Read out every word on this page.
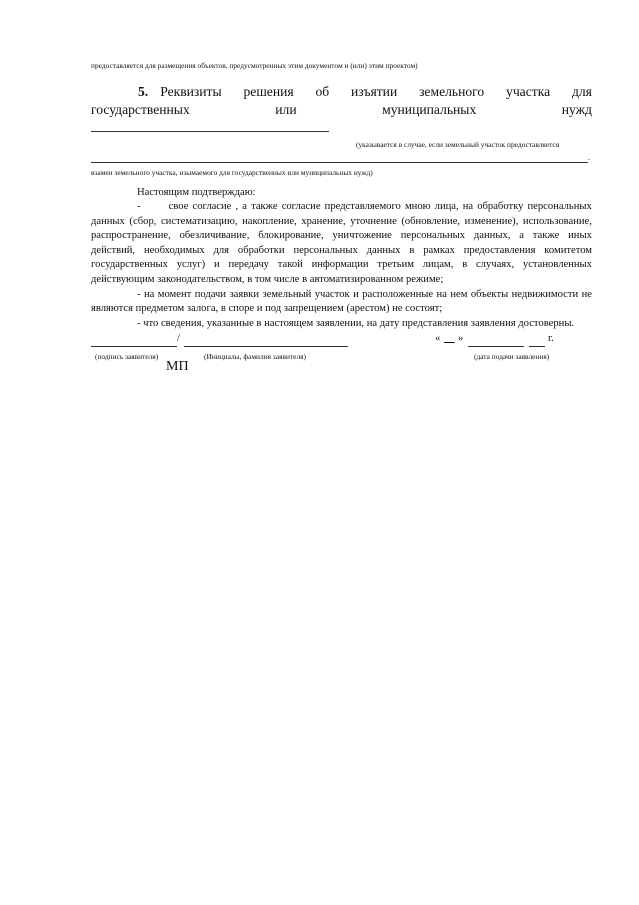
предоставляется для размещения объектов, предусмотренных этим документом и (или) этим проектом)
5. Реквизиты решения об изъятии земельного участка для
государственных	или	муниципальных	нужд
(указывается в случае, если земельный участок предоставляется
.
взамен земельного участка, изымаемого для государственных или муниципальных нужд)
Настоящим подтверждаю:
-	свое согласие , а также согласие представляемого мною лица, на обработку персональных
данных (сбор, систематизацию, накопление, хранение, уточнение (обновление, изменение), использование,
распространение, обезличивание, блокирование, уничтожение персональных данных, а также иных
действий, необходимых для обработки персональных данных в рамках предоставления комитетом
государственных услуг) и передачу такой информации третьим лицам, в случаях, установленных
действующим законодательством, в том числе в автоматизированном режиме;
- на момент подачи заявки земельный участок и расположенные на нем объекты недвижимости не
являются предметом залога, в споре и под запрещением (арестом) не состоят;
- что сведения, указанные в настоящем заявлении, на дату представления заявления достоверны.
/	« __ »	г.
(подпись заявителя)	(Инициалы, фамилия заявителя)	(дата подачи заявления)
МП
